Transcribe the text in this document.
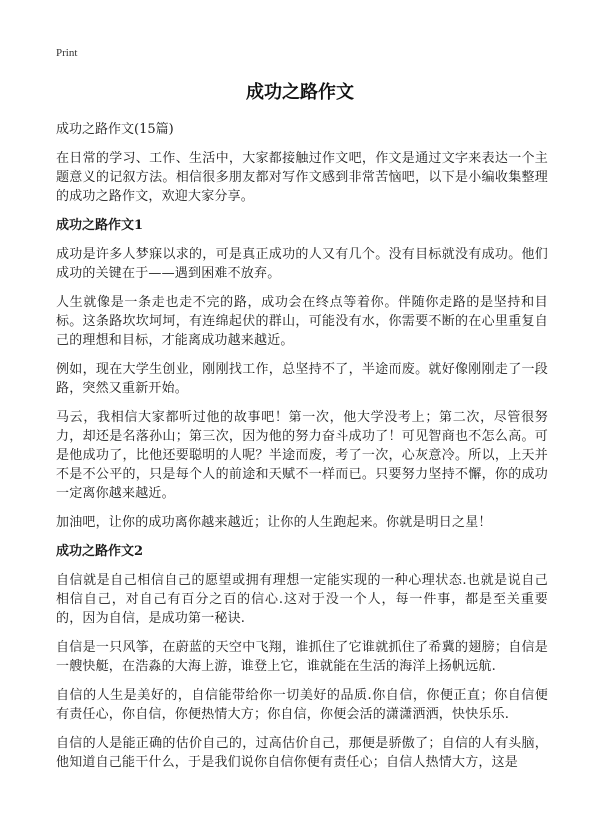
Print
成功之路作文
成功之路作文(15篇)

在日常的学习、工作、生活中，大家都接触过作文吧，作文是通过文字来表达一个主题意义的记叙方法。相信很多朋友都对写作文感到非常苦恼吧，以下是小编收集整理的成功之路作文，欢迎大家分享。

成功之路作文1

成功是许多人梦寐以求的，可是真正成功的人又有几个。没有目标就没有成功。他们成功的关键在于——遇到困难不放弃。

人生就像是一条走也走不完的路，成功会在终点等着你。伴随你走路的是坚持和目标。这条路坎坎坷坷，有连绵起伏的群山，可能没有水，你需要不断的在心里重复自己的理想和目标，才能离成功越来越近。

例如，现在大学生创业，刚刚找工作，总坚持不了，半途而废。就好像刚刚走了一段路，突然又重新开始。

马云，我相信大家都听过他的故事吧！第一次，他大学没考上；第二次，尽管很努力，却还是名落孙山；第三次，因为他的努力奋斗成功了！可见智商也不怎么高。可是他成功了，比他还要聪明的人呢？半途而废，考了一次，心灰意冷。所以，上天并不是不公平的，只是每个人的前途和天赋不一样而已。只要努力坚持不懈，你的成功一定离你越来越近。

加油吧，让你的成功离你越来越近；让你的人生跑起来。你就是明日之星！

成功之路作文2

自信就是自己相信自己的愿望或拥有理想一定能实现的一种心理状态.也就是说自己相信自己，对自己有百分之百的信心.这对于没一个人，每一件事，都是至关重要的，因为自信，是成功第一秘诀.

自信是一只风筝，在蔚蓝的天空中飞翔，谁抓住了它谁就抓住了希冀的翅膀；自信是一艘快艇，在浩淼的大海上游，谁登上它，谁就能在生活的海洋上扬帆远航.

自信的人生是美好的，自信能带给你一切美好的品质.你自信，你便正直；你自信便有责任心，你自信，你便热情大方；你自信，你便会活的潇潇洒洒，快快乐乐.

自信的人是能正确的估价自己的，过高估价自己，那便是骄傲了；自信的人有头脑，他知道自己能干什么，于是我们说你自信你便有责任心；自信人热情大方，这是
